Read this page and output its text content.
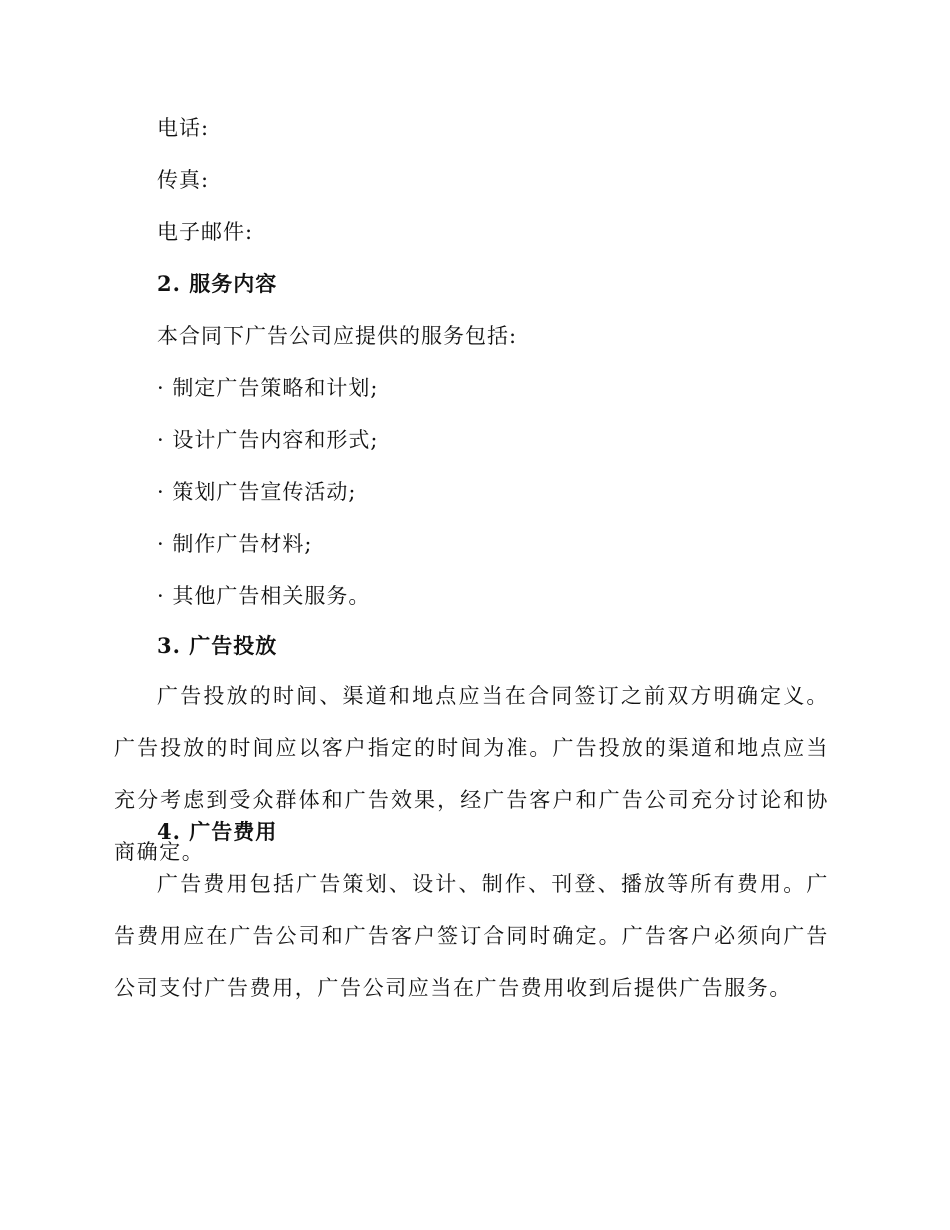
电话:
传真:
电子邮件:
2. 服务内容
本合同下广告公司应提供的服务包括:
· 制定广告策略和计划;
· 设计广告内容和形式;
· 策划广告宣传活动;
· 制作广告材料;
· 其他广告相关服务。
3. 广告投放
广告投放的时间、渠道和地点应当在合同签订之前双方明确定义。广告投放的时间应以客户指定的时间为准。广告投放的渠道和地点应当充分考虑到受众群体和广告效果，经广告客户和广告公司充分讨论和协商确定。
4. 广告费用
广告费用包括广告策划、设计、制作、刊登、播放等所有费用。广告费用应在广告公司和广告客户签订合同时确定。广告客户必须向广告公司支付广告费用，广告公司应当在广告费用收到后提供广告服务。
